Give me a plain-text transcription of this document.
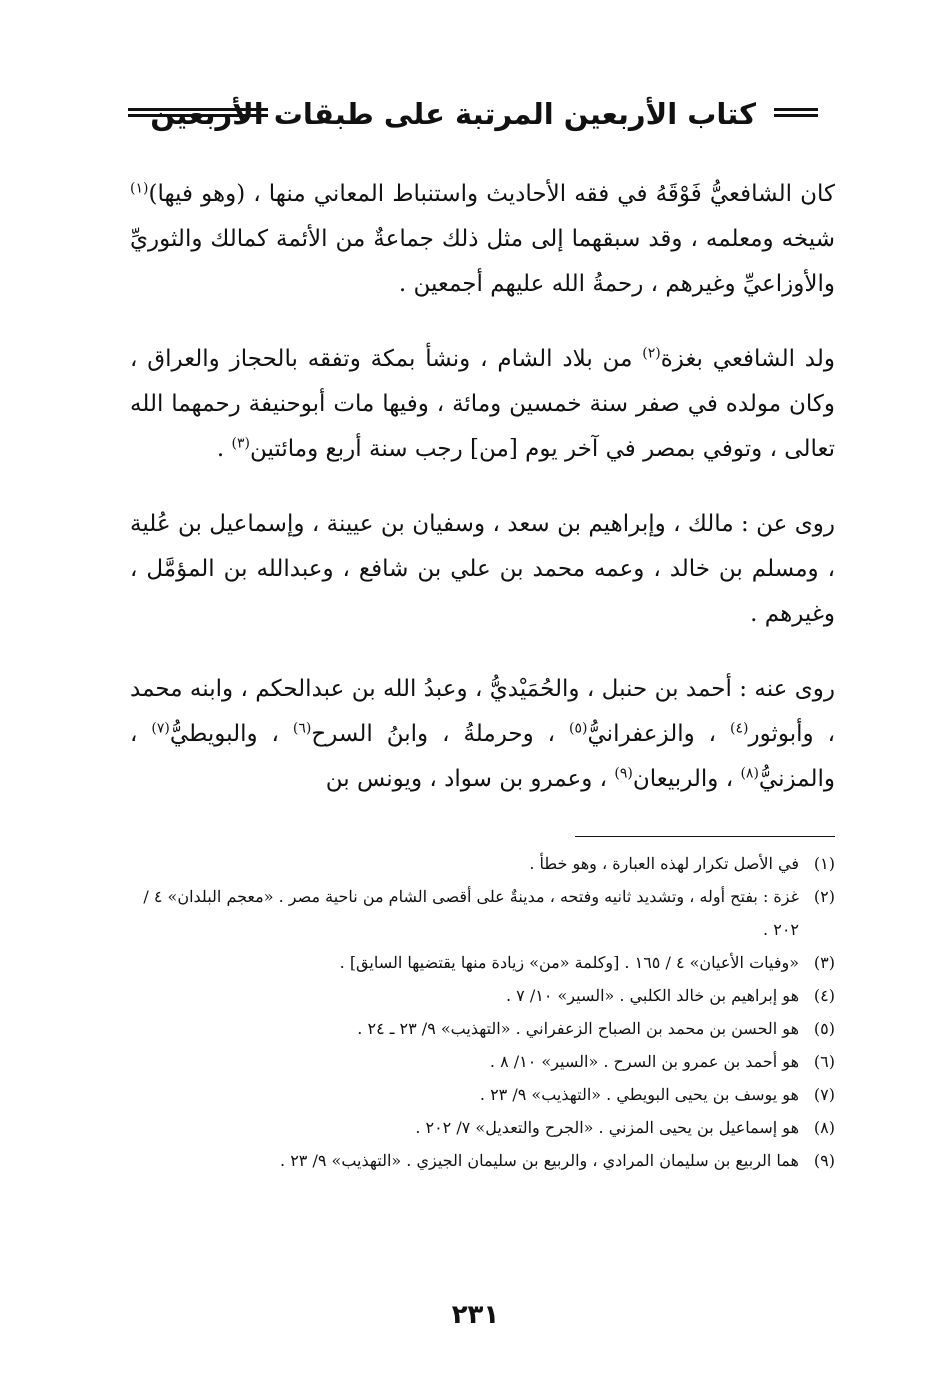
كتاب الأربعين المرتبة على طبقات الأربعين

كان الشافعيُّ فَوْقَهُ في فقه الأحاديث واستنباط المعاني منها ، (وهو فيها)$^{(١)}$ شيخه ومعلمه ، وقد سبقهما إلى مثل ذلك جماعةٌ من الأئمة كمالك والثوريِّ والأوزاعيِّ وغيرهم ، رحمةُ الله عليهم أجمعين .

ولد الشافعي بغزة$^{(٢)}$ من بلاد الشام ، ونشأ بمكة وتفقه بالحجاز والعراق ، وكان مولده في صفر سنة خمسين ومائة ، وفيها مات أبوحنيفة رحمهما الله تعالى ، وتوفي بمصر في آخر يوم [من] رجب سنة أربع ومائتين$^{(٣)}$ .

روى عن : مالك ، وإبراهيم بن سعد ، وسفيان بن عيينة ، وإسماعيل بن عُلية ، ومسلم بن خالد ، وعمه محمد بن علي بن شافع ، وعبدالله بن المؤمَّل ، وغيرهم .

روى عنه : أحمد بن حنبل ، والحُمَيْديُّ ، وعبدُ الله بن عبدالحكم ، وابنه محمد ، وأبوثور$^{(٤)}$ ، والزعفرانيُّ$^{(٥)}$ ، وحرملةُ ، وابنُ السرح$^{(٦)}$ ، والبويطيُّ$^{(٧)}$ ، والمزنيُّ$^{(٨)}$ ، والربيعان$^{(٩)}$ ، وعمرو بن سواد ، ويونس بن

(١)في الأصل تكرار لهذه العبارة ، وهو خطأ .

(٢)غزة : بفتح أوله ، وتشديد ثانيه وفتحه ، مدينةٌ على أقصى الشام من ناحية مصر . «معجم البلدان» ٤ / ٢٠٢ .

(٣)«وفيات الأعيان» ٤ / ١٦٥ . [وكلمة «من» زيادة منها يقتضيها السايق] .

(٤)هو إبراهيم بن خالد الكلبي . «السير» ١٠/ ٧ .

(٥)هو الحسن بن محمد بن الصباح الزعفراني . «التهذيب» ٩/ ٢٣ ـ ٢٤ .

(٦)هو أحمد بن عمرو بن السرح . «السير» ١٠/ ٨ .

(٧)هو يوسف بن يحيى البويطي . «التهذيب» ٩/ ٢٣ .

(٨)هو إسماعيل بن يحيى المزني . «الجرح والتعديل» ٧/ ٢٠٢ .

(٩)هما الربيع بن سليمان المرادي ، والربيع بن سليمان الجيزي . «التهذيب» ٩/ ٢٣ .

٢٣١
